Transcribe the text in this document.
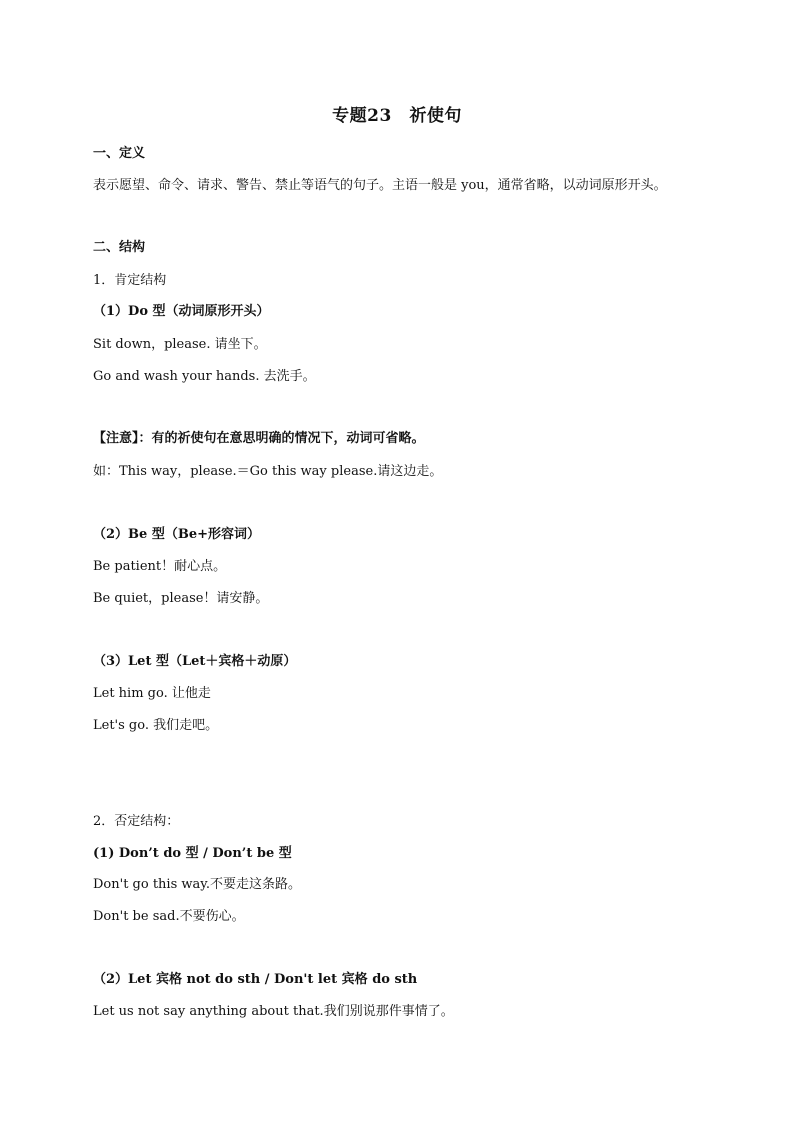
专题23　祈使句
一、定义
表示愿望、命令、请求、警告、禁止等语气的句子。主语一般是 you，通常省略，以动词原形开头。
二、结构
1．肯定结构
（1）Do 型（动词原形开头）
Sit down，please. 请坐下。
Go and wash your hands. 去洗手。
【注意】：有的祈使句在意思明确的情况下，动词可省略。
如：This way，please.＝Go this way please.请这边走。
（2）Be 型（Be+形容词）
Be patient！耐心点。
Be quiet，please！请安静。
（3）Let 型（Let＋宾格＋动原）
Let him go. 让他走
Let's go. 我们走吧。
2．否定结构：
(1) Don’t do 型 / Don’t be 型
Don't go this way.不要走这条路。
Don't be sad.不要伤心。
（2）Let 宾格 not do sth / Don't let 宾格 do sth
Let us not say anything about that.我们别说那件事情了。
